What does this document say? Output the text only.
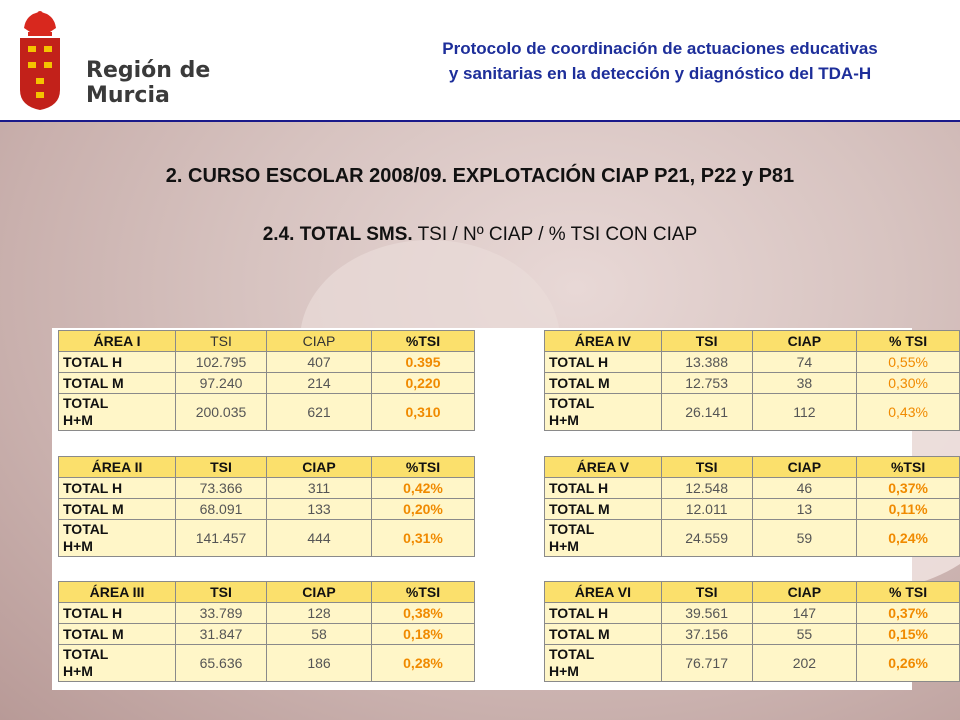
Región de Murcia
Protocolo de coordinación de actuaciones educativas
y sanitarias en la detección y diagnóstico del TDA-H
2. CURSO ESCOLAR 2008/09. EXPLOTACIÓN CIAP P21, P22 y P81
2.4. TOTAL SMS. TSI / Nº CIAP / % TSI CON CIAP
ÁREA I	TSI	CIAP	%TSI
TOTAL H	102.795	407	0.395
TOTAL M	97.240	214	0,220
TOTAL
H+M	200.035	621	0,310
ÁREA IV	TSI	CIAP	% TSI
TOTAL H	13.388	74	0,55%
TOTAL M	12.753	38	0,30%
TOTAL
H+M	26.141	112	0,43%
ÁREA II	TSI	CIAP	%TSI
TOTAL H	73.366	311	0,42%
TOTAL M	68.091	133	0,20%
TOTAL
H+M	141.457	444	0,31%
ÁREA V	TSI	CIAP	%TSI
TOTAL H	12.548	46	0,37%
TOTAL M	12.011	13	0,11%
TOTAL
H+M	24.559	59	0,24%
ÁREA III	TSI	CIAP	%TSI
TOTAL H	33.789	128	0,38%
TOTAL M	31.847	58	0,18%
TOTAL
H+M	65.636	186	0,28%
ÁREA VI	TSI	CIAP	% TSI
TOTAL H	39.561	147	0,37%
TOTAL M	37.156	55	0,15%
TOTAL
H+M	76.717	202	0,26%
